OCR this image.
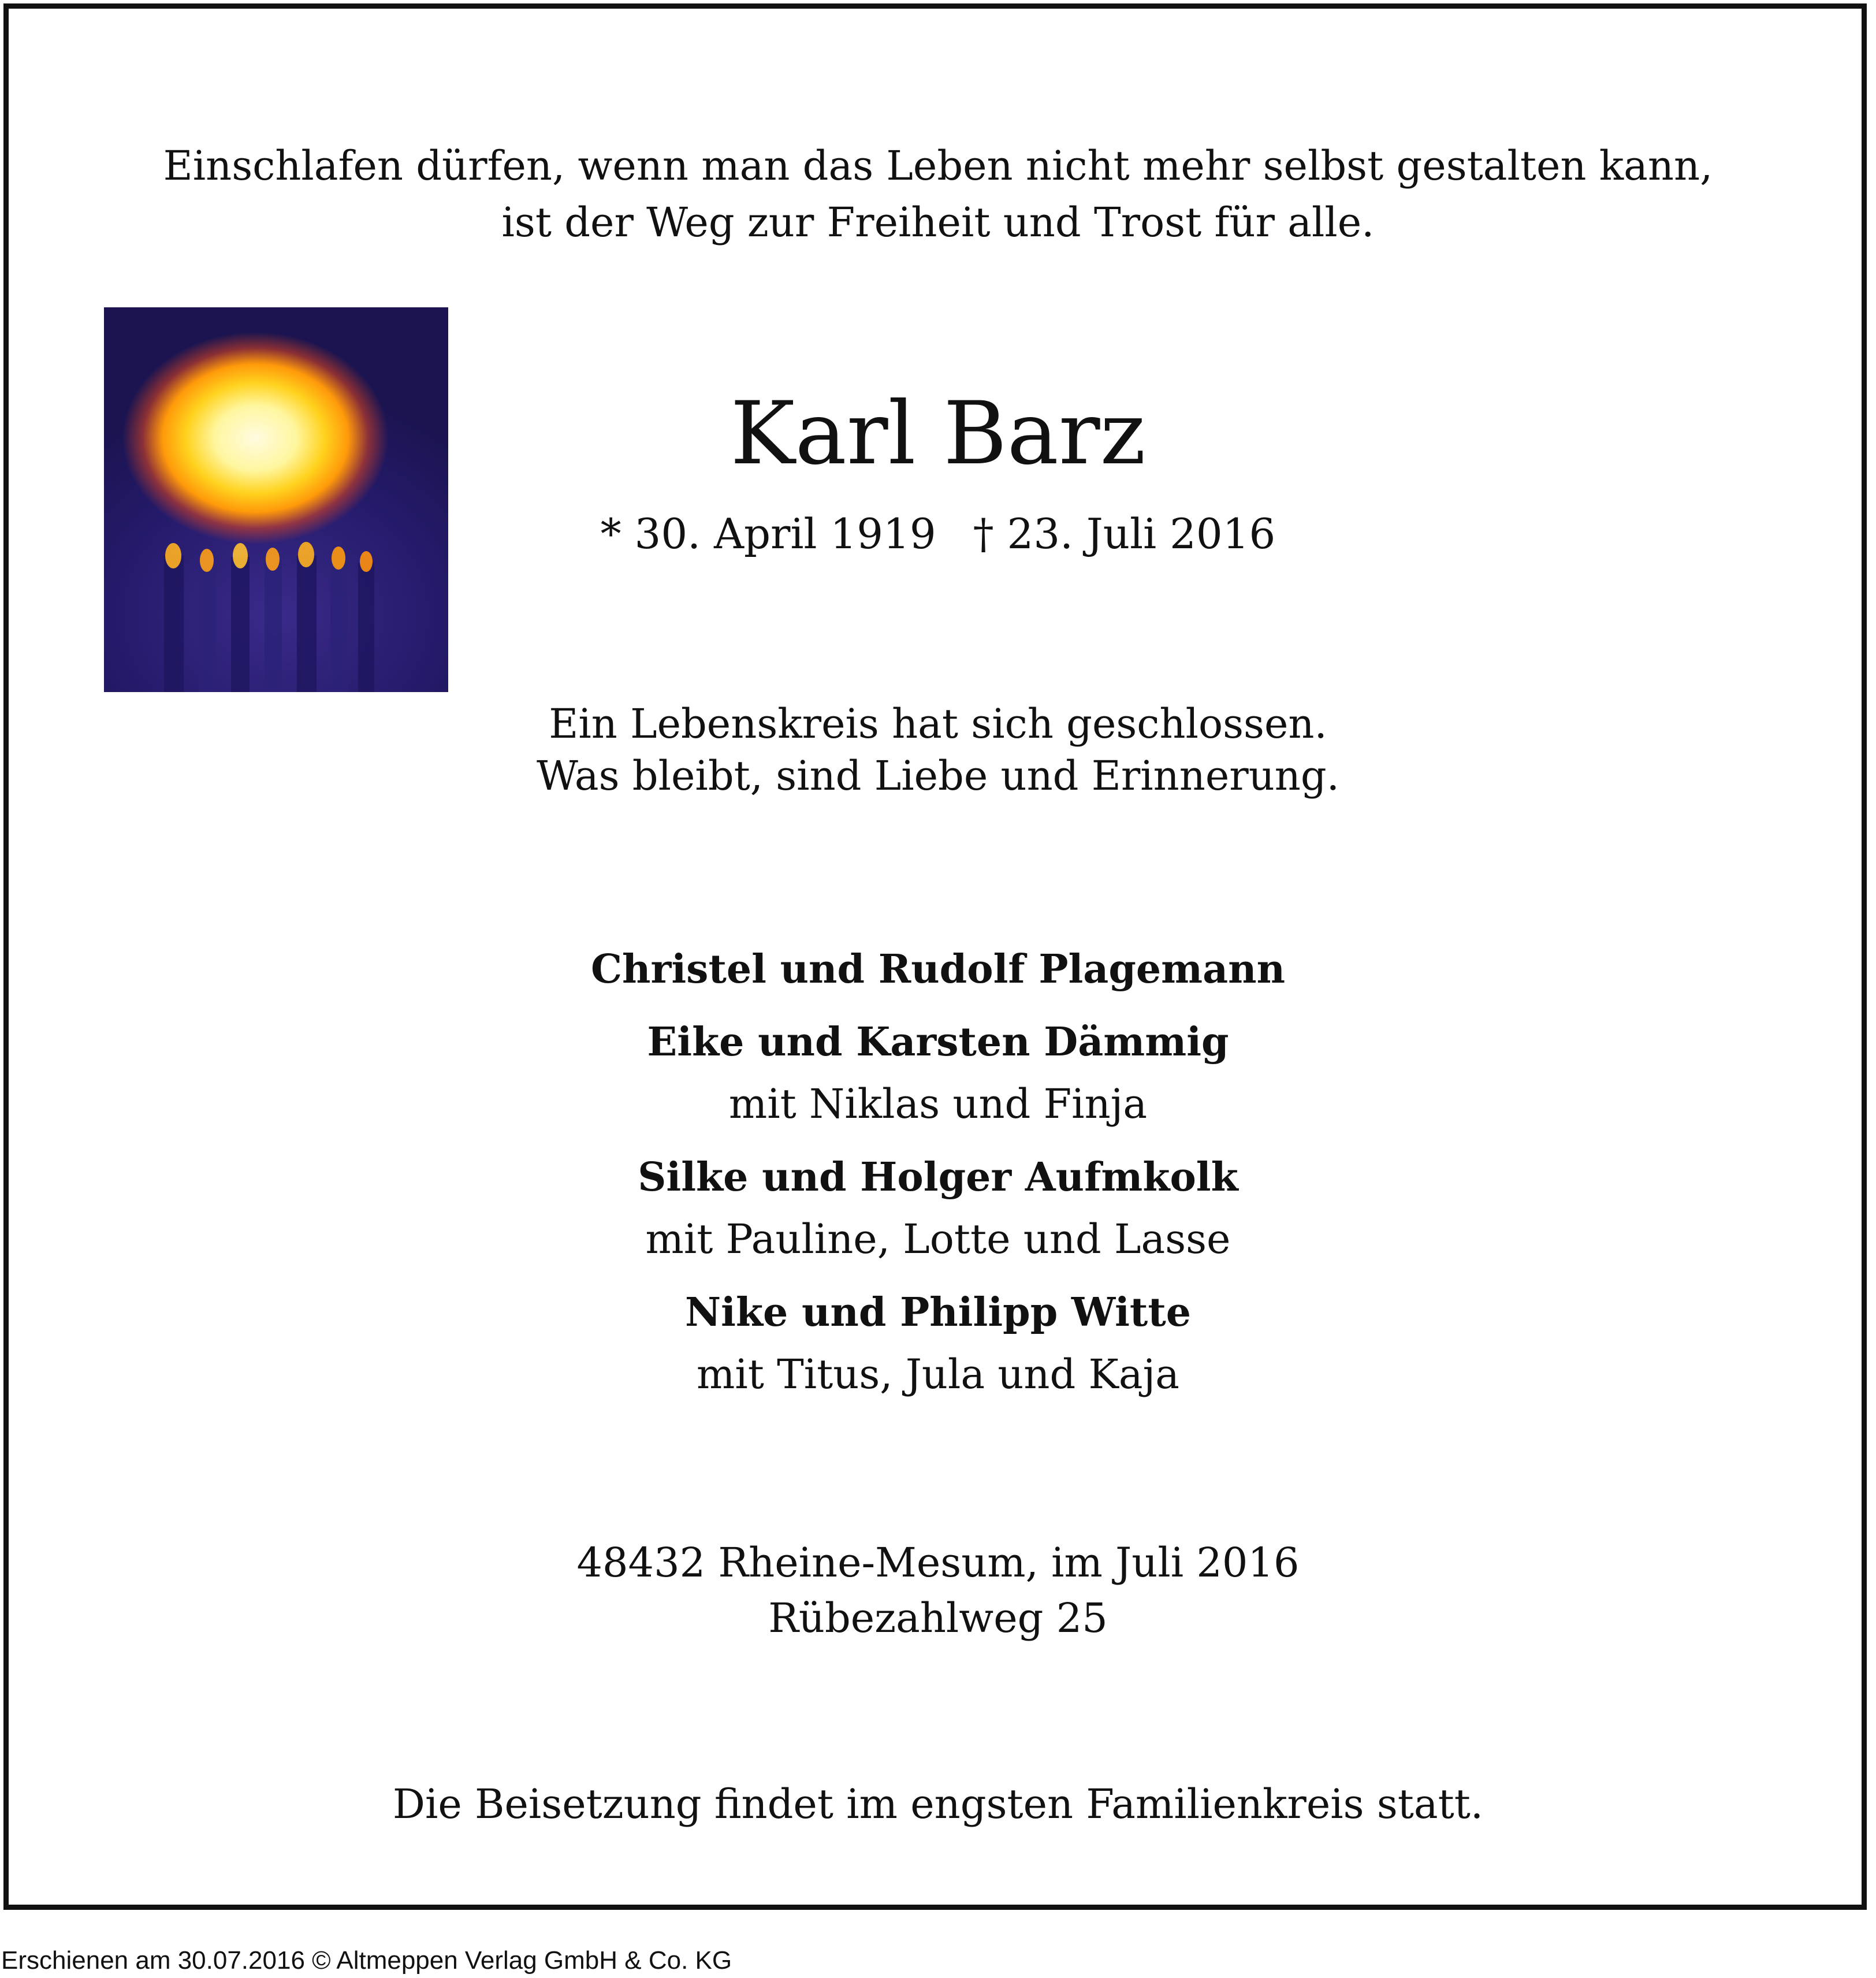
Einschlafen dürfen, wenn man das Leben nicht mehr selbst gestalten kann,
ist der Weg zur Freiheit und Trost für alle.
Karl Barz
* 30. April 1919 † 23. Juli 2016
Ein Lebenskreis hat sich geschlossen.
Was bleibt, sind Liebe und Erinnerung.
Christel und Rudolf Plagemann
Eike und Karsten Dämmig
mit Niklas und Finja
Silke und Holger Aufmkolk
mit Pauline, Lotte und Lasse
Nike und Philipp Witte
mit Titus, Jula und Kaja
48432 Rheine-Mesum, im Juli 2016
Rübezahlweg 25
Die Beisetzung findet im engsten Familienkreis statt.
Erschienen am 30.07.2016 © Altmeppen Verlag GmbH & Co. KG
